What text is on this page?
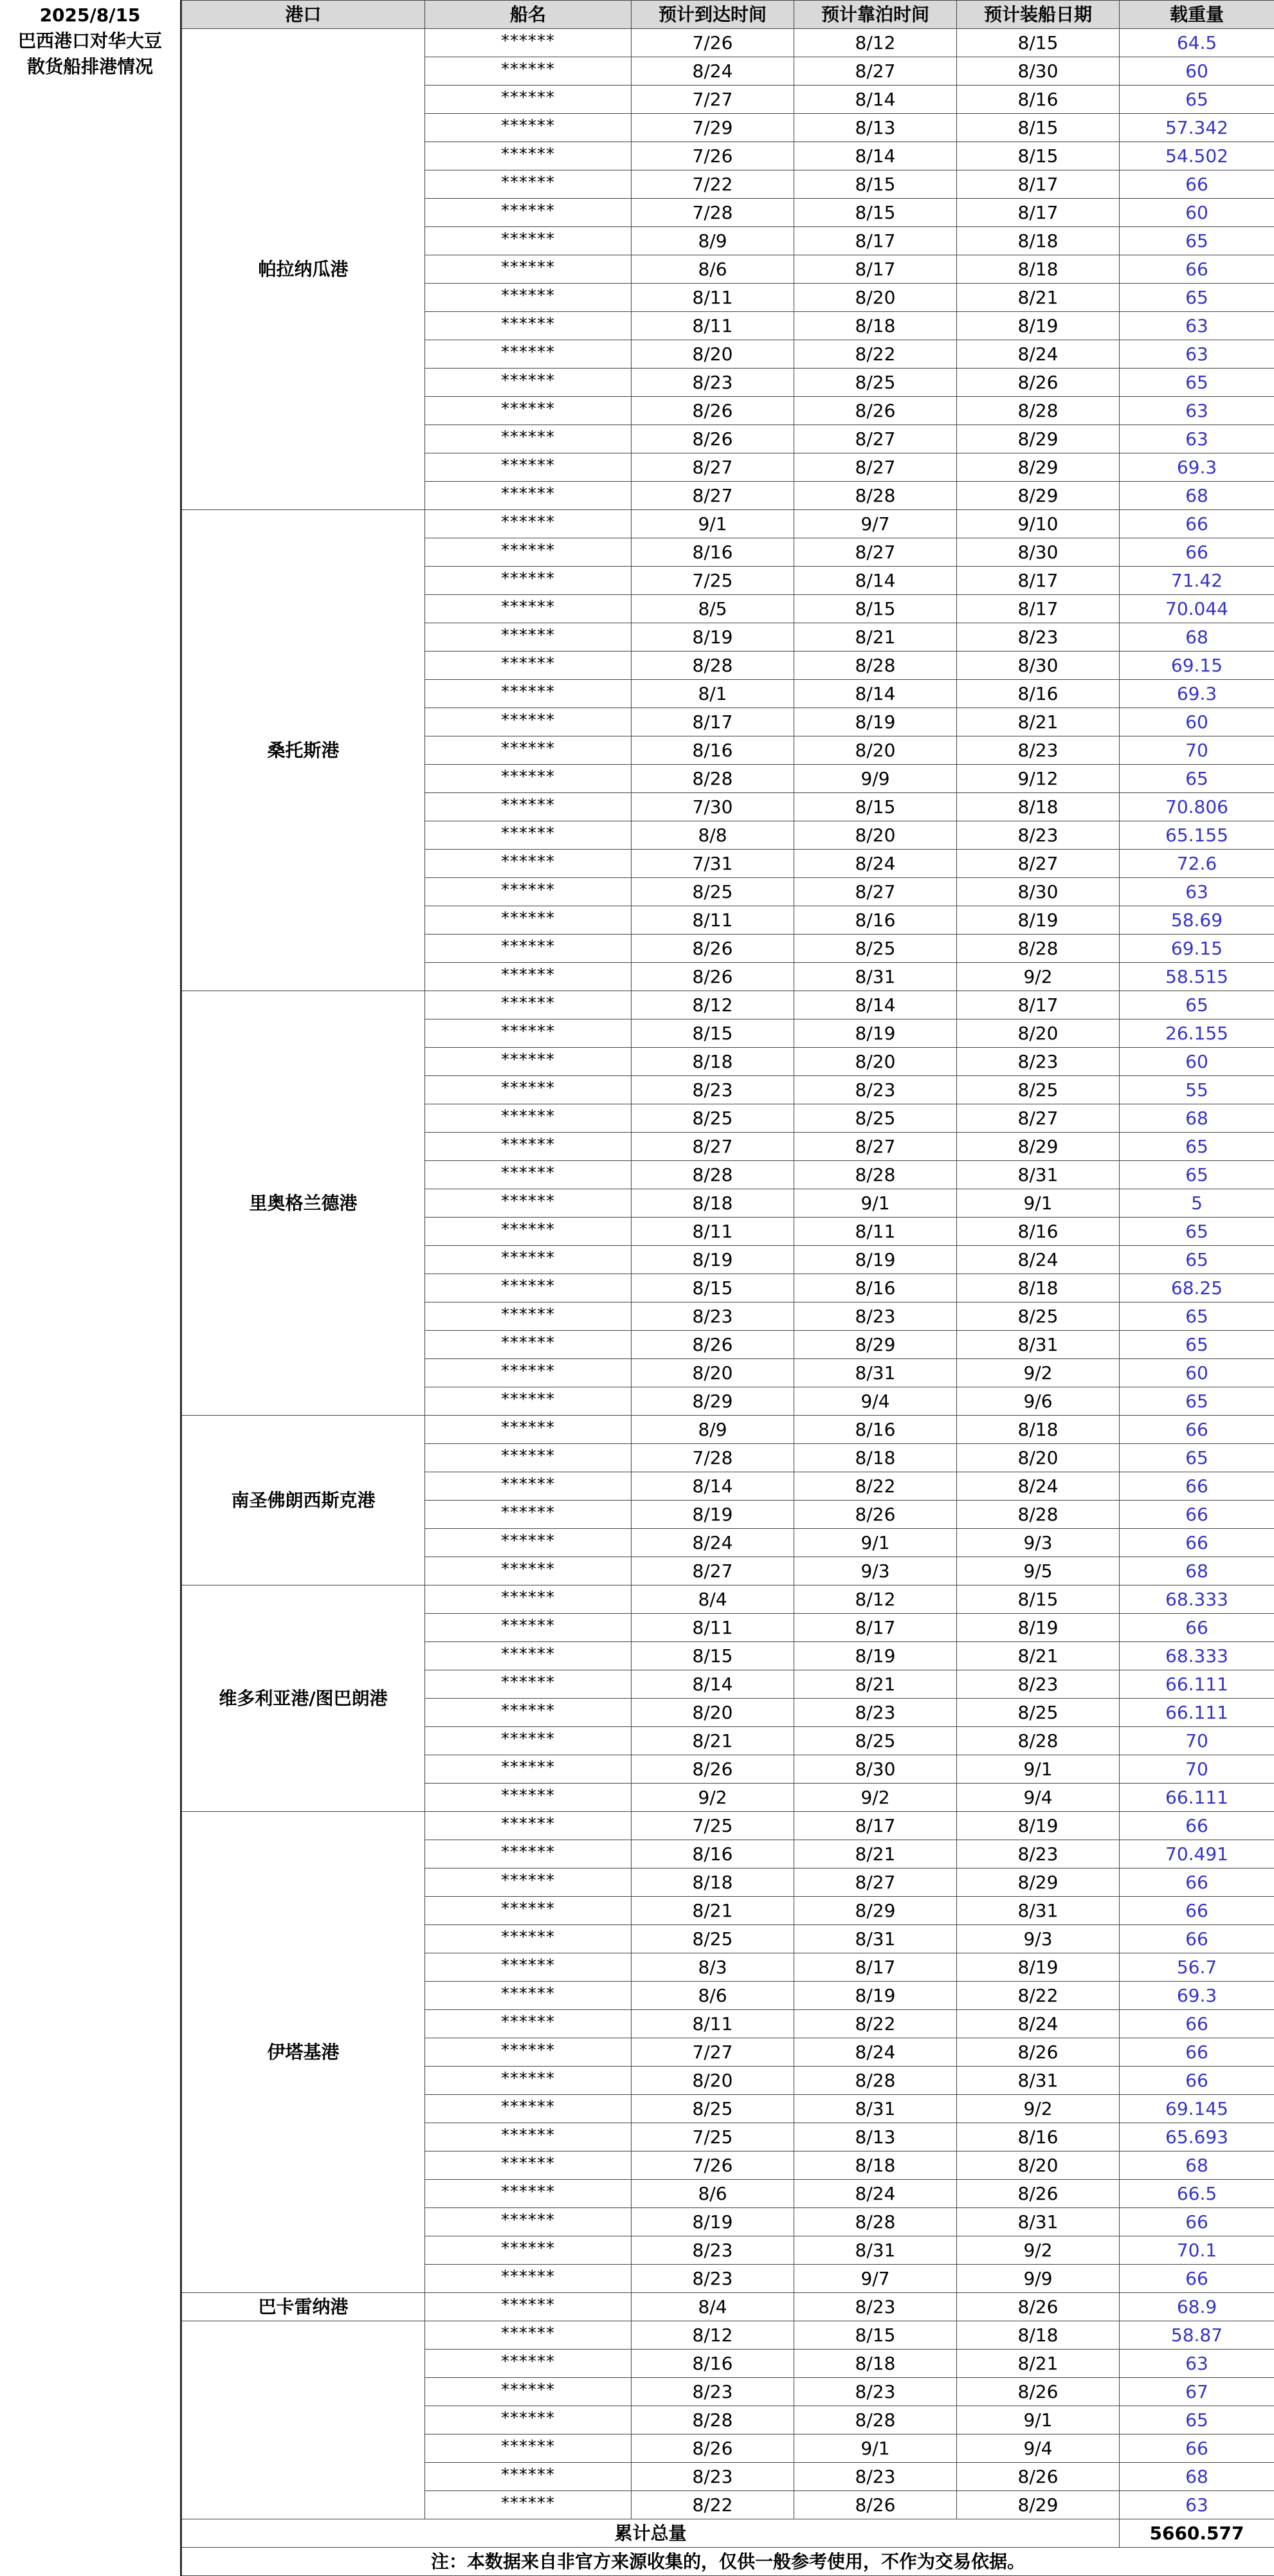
2025/8/15
巴西港口对华大豆
散货船排港情况
港口	船名	预计到达时间	预计靠泊时间	预计装船日期	载重量
帕拉纳瓜港	******	7/26	8/12	8/15	64.5
	******	8/24	8/27	8/30	60
	******	7/27	8/14	8/16	65
	******	7/29	8/13	8/15	57.342
	******	7/26	8/14	8/15	54.502
	******	7/22	8/15	8/17	66
	******	7/28	8/15	8/17	60
	******	8/9	8/17	8/18	65
	******	8/6	8/17	8/18	66
	******	8/11	8/20	8/21	65
	******	8/11	8/18	8/19	63
	******	8/20	8/22	8/24	63
	******	8/23	8/25	8/26	65
	******	8/26	8/26	8/28	63
	******	8/26	8/27	8/29	63
	******	8/27	8/27	8/29	69.3
	******	8/27	8/28	8/29	68
桑托斯港	******	9/1	9/7	9/10	66
	******	8/16	8/27	8/30	66
	******	7/25	8/14	8/17	71.42
	******	8/5	8/15	8/17	70.044
	******	8/19	8/21	8/23	68
	******	8/28	8/28	8/30	69.15
	******	8/1	8/14	8/16	69.3
	******	8/17	8/19	8/21	60
	******	8/16	8/20	8/23	70
	******	8/28	9/9	9/12	65
	******	7/30	8/15	8/18	70.806
	******	8/8	8/20	8/23	65.155
	******	7/31	8/24	8/27	72.6
	******	8/25	8/27	8/30	63
	******	8/11	8/16	8/19	58.69
	******	8/26	8/25	8/28	69.15
	******	8/26	8/31	9/2	58.515
里奥格兰德港	******	8/12	8/14	8/17	65
	******	8/15	8/19	8/20	26.155
	******	8/18	8/20	8/23	60
	******	8/23	8/23	8/25	55
	******	8/25	8/25	8/27	68
	******	8/27	8/27	8/29	65
	******	8/28	8/28	8/31	65
	******	8/18	9/1	9/1	5
	******	8/11	8/11	8/16	65
	******	8/19	8/19	8/24	65
	******	8/15	8/16	8/18	68.25
	******	8/23	8/23	8/25	65
	******	8/26	8/29	8/31	65
	******	8/20	8/31	9/2	60
	******	8/29	9/4	9/6	65
南圣佛朗西斯克港	******	8/9	8/16	8/18	66
	******	7/28	8/18	8/20	65
	******	8/14	8/22	8/24	66
	******	8/19	8/26	8/28	66
	******	8/24	9/1	9/3	66
	******	8/27	9/3	9/5	68
维多利亚港/图巴朗港	******	8/4	8/12	8/15	68.333
	******	8/11	8/17	8/19	66
	******	8/15	8/19	8/21	68.333
	******	8/14	8/21	8/23	66.111
	******	8/20	8/23	8/25	66.111
	******	8/21	8/25	8/28	70
	******	8/26	8/30	9/1	70
	******	9/2	9/2	9/4	66.111
伊塔基港	******	7/25	8/17	8/19	66
	******	8/16	8/21	8/23	70.491
	******	8/18	8/27	8/29	66
	******	8/21	8/29	8/31	66
	******	8/25	8/31	9/3	66
	******	8/3	8/17	8/19	56.7
	******	8/6	8/19	8/22	69.3
	******	8/11	8/22	8/24	66
	******	7/27	8/24	8/26	66
	******	8/20	8/28	8/31	66
	******	8/25	8/31	9/2	69.145
	******	7/25	8/13	8/16	65.693
	******	7/26	8/18	8/20	68
	******	8/6	8/24	8/26	66.5
	******	8/19	8/28	8/31	66
	******	8/23	8/31	9/2	70.1
	******	8/23	9/7	9/9	66
巴卡雷纳港	******	8/4	8/23	8/26	68.9
	******	8/12	8/15	8/18	58.87
	******	8/16	8/18	8/21	63
	******	8/23	8/23	8/26	67
	******	8/28	8/28	9/1	65
	******	8/26	9/1	9/4	66
	******	8/23	8/23	8/26	68
	******	8/22	8/26	8/29	63
累计总量					5660.577
注：本数据来自非官方来源收集的，仅供一般参考使用，不作为交易依据。					
